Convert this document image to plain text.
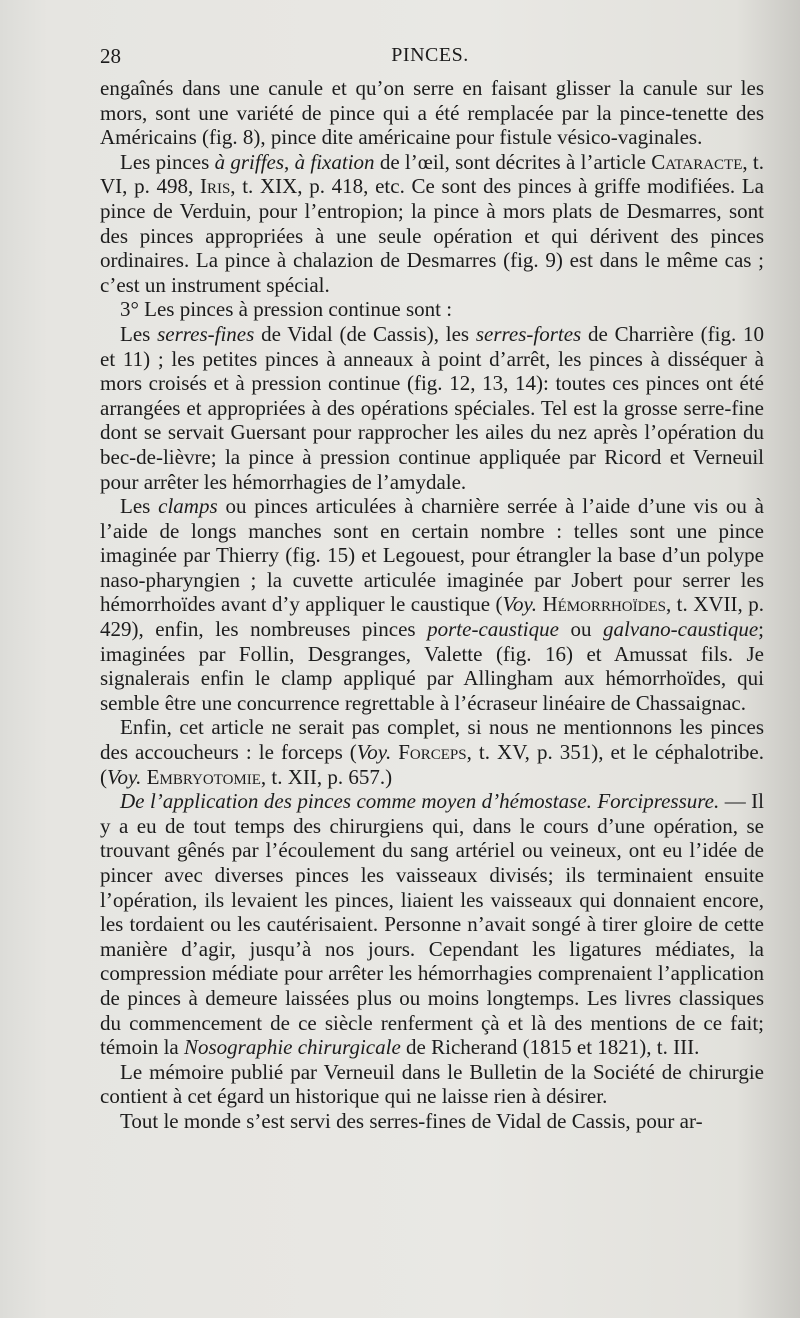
28	PINCES.

engaînés dans une canule et qu’on serre en faisant glisser la canule sur les mors, sont une variété de pince qui a été remplacée par la pince-tenette des Américains (fig. 8), pince dite américaine pour fistule vésico-vaginales.

Les pinces à griffes, à fixation de l’œil, sont décrites à l’article Cataracte, t. VI, p. 498, Iris, t. XIX, p. 418, etc. Ce sont des pinces à griffe modifiées. La pince de Verduin, pour l’entropion; la pince à mors plats de Desmarres, sont des pinces appropriées à une seule opération et qui dérivent des pinces ordinaires. La pince à chalazion de Desmarres (fig. 9) est dans le même cas ; c’est un instrument spécial.

3° Les pinces à pression continue sont :

Les serres-fines de Vidal (de Cassis), les serres-fortes de Charrière (fig. 10 et 11) ; les petites pinces à anneaux à point d’arrêt, les pinces à disséquer à mors croisés et à pression continue (fig. 12, 13, 14): toutes ces pinces ont été arrangées et appropriées à des opérations spéciales. Tel est la grosse serre-fine dont se servait Guersant pour rapprocher les ailes du nez après l’opération du bec-de-lièvre; la pince à pression continue appliquée par Ricord et Verneuil pour arrêter les hémorrhagies de l’amydale.

Les clamps ou pinces articulées à charnière serrée à l’aide d’une vis ou à l’aide de longs manches sont en certain nombre : telles sont une pince imaginée par Thierry (fig. 15) et Legouest, pour étrangler la base d’un polype naso-pharyngien ; la cuvette articulée imaginée par Jobert pour serrer les hémorrhoïdes avant d’y appliquer le caustique (Voy. Hémorrhoïdes, t. XVII, p. 429), enfin, les nombreuses pinces porte-caustique ou galvano-caustique; imaginées par Follin, Desgranges, Valette (fig. 16) et Amussat fils. Je signalerais enfin le clamp appliqué par Allingham aux hémorrhoïdes, qui semble être une concurrence regrettable à l’écraseur linéaire de Chassaignac.

Enfin, cet article ne serait pas complet, si nous ne mentionnons les pinces des accoucheurs : le forceps (Voy. Forceps, t. XV, p. 351), et le céphalotribe. (Voy. Embryotomie, t. XII, p. 657.)

De l’application des pinces comme moyen d’hémostase. Forcipressure. — Il y a eu de tout temps des chirurgiens qui, dans le cours d’une opération, se trouvant gênés par l’écoulement du sang artériel ou veineux, ont eu l’idée de pincer avec diverses pinces les vaisseaux divisés; ils terminaient ensuite l’opération, ils levaient les pinces, liaient les vaisseaux qui donnaient encore, les tordaient ou les cautérisaient. Personne n’avait songé à tirer gloire de cette manière d’agir, jusqu’à nos jours. Cependant les ligatures médiates, la compression médiate pour arrêter les hémorrhagies comprenaient l’application de pinces à demeure laissées plus ou moins longtemps. Les livres classiques du commencement de ce siècle renferment çà et là des mentions de ce fait; témoin la Nosographie chirurgicale de Richerand (1815 et 1821), t. III.

Le mémoire publié par Verneuil dans le Bulletin de la Société de chirurgie contient à cet égard un historique qui ne laisse rien à désirer.

Tout le monde s’est servi des serres-fines de Vidal de Cassis, pour ar-
